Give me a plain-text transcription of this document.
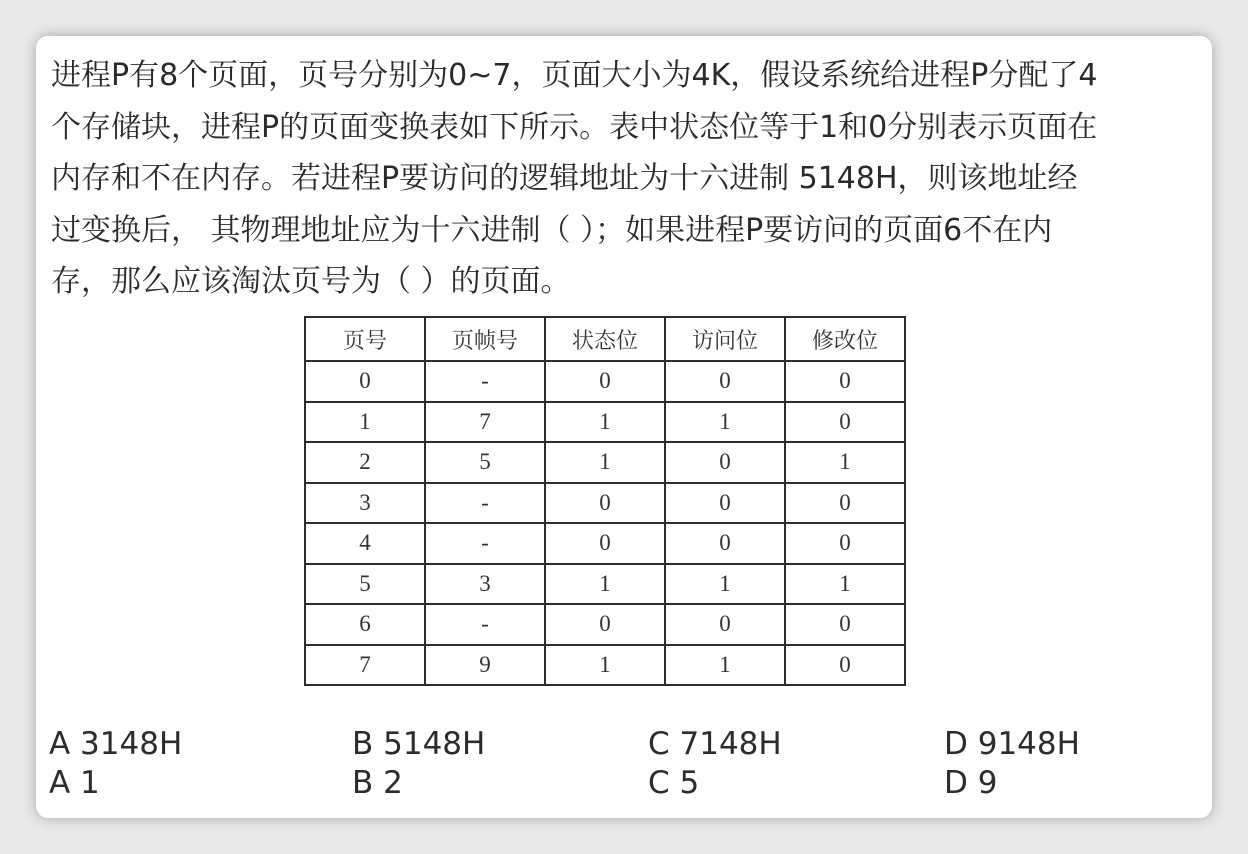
进程P有8个页面，页号分别为0~7，页面大小为4K，假设系统给进程P分配了4
个存储块，进程P的页面变换表如下所示。表中状态位等于1和0分别表示页面在
内存和不在内存。若进程P要访问的逻辑地址为十六进制 5148H，则该地址经
过变换后， 其物理地址应为十六进制（ ）；如果进程P要访问的页面6不在内
存，那么应该淘汰页号为（ ）的页面。

页号	页帧号	状态位	访问位	修改位
0	-	0	0	0
1	7	1	1	0
2	5	1	0	1
3	-	0	0	0
4	-	0	0	0
5	3	1	1	1
6	-	0	0	0
7	9	1	1	0
A 3148H	B 5148H	C 7148H	D 9148H
A 1	B 2	C 5	D 9
